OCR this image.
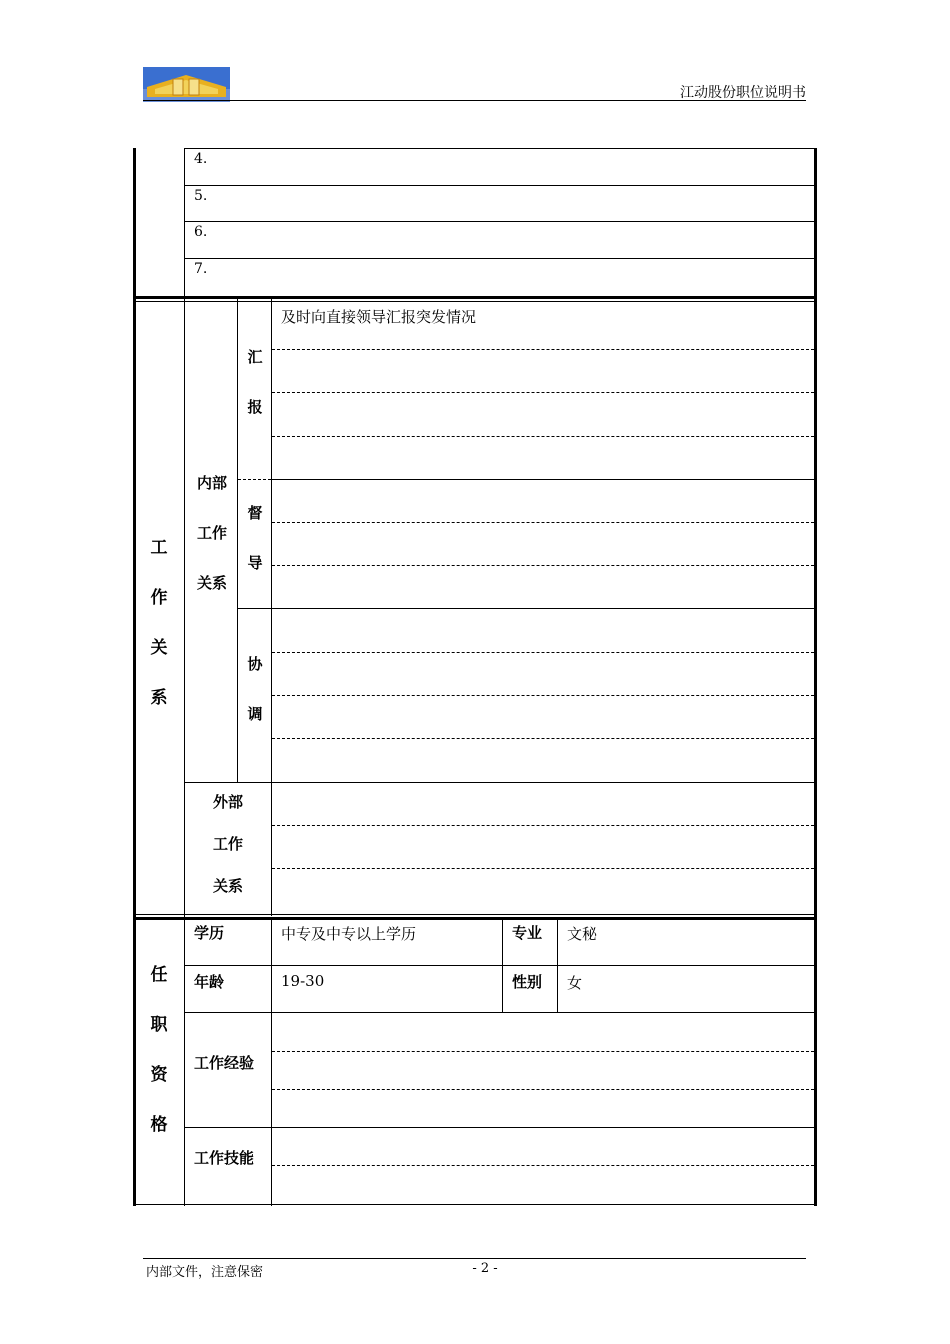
江动股份职位说明书
4.
5.
6.
7.
工
作
关
系
内部
工作
关系
汇
报
及时向直接领导汇报突发情况
督
导
协
调
外部
工作
关系
任
职
资
格
学历	中专及中专以上学历	专业 文秘
年龄	19-30	性别 女
工作经验
工作技能
内部文件，注意保密	- 2 -
